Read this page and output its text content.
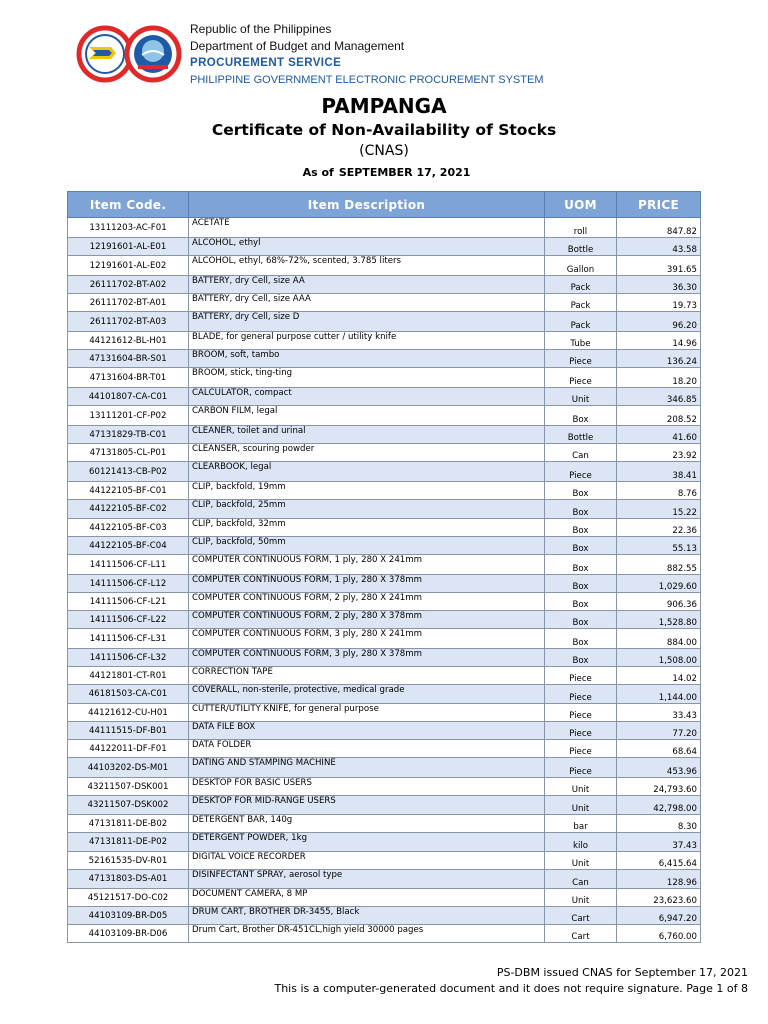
Republic of the Philippines
Department of Budget and Management
PROCUREMENT SERVICE
PHILIPPINE GOVERNMENT ELECTRONIC PROCUREMENT SYSTEM
PAMPANGA
Certificate of Non-Availability of Stocks
(CNAS)
As of SEPTEMBER 17, 2021
Item Code.	Item Description	UOM	PRICE
13111203-AC-F01	ACETATE	roll	847.82
12191601-AL-E01	ALCOHOL, ethyl	Bottle	43.58
12191601-AL-E02	ALCOHOL, ethyl, 68%-72%, scented, 3.785 liters	Gallon	391.65
26111702-BT-A02	BATTERY, dry Cell, size AA	Pack	36.30
26111702-BT-A01	BATTERY, dry Cell, size AAA	Pack	19.73
26111702-BT-A03	BATTERY, dry Cell, size D	Pack	96.20
44121612-BL-H01	BLADE, for general purpose cutter / utility knife	Tube	14.96
47131604-BR-S01	BROOM, soft, tambo	Piece	136.24
47131604-BR-T01	BROOM, stick, ting-ting	Piece	18.20
44101807-CA-C01	CALCULATOR, compact	Unit	346.85
13111201-CF-P02	CARBON FILM, legal	Box	208.52
47131829-TB-C01	CLEANER, toilet and urinal	Bottle	41.60
47131805-CL-P01	CLEANSER, scouring powder	Can	23.92
60121413-CB-P02	CLEARBOOK, legal	Piece	38.41
44122105-BF-C01	CLIP, backfold, 19mm	Box	8.76
44122105-BF-C02	CLIP, backfold, 25mm	Box	15.22
44122105-BF-C03	CLIP, backfold, 32mm	Box	22.36
44122105-BF-C04	CLIP, backfold, 50mm	Box	55.13
14111506-CF-L11	COMPUTER CONTINUOUS FORM, 1 ply, 280 X 241mm	Box	882.55
14111506-CF-L12	COMPUTER CONTINUOUS FORM, 1 ply, 280 X 378mm	Box	1,029.60
14111506-CF-L21	COMPUTER CONTINUOUS FORM, 2 ply, 280 X 241mm	Box	906.36
14111506-CF-L22	COMPUTER CONTINUOUS FORM, 2 ply, 280 X 378mm	Box	1,528.80
14111506-CF-L31	COMPUTER CONTINUOUS FORM, 3 ply, 280 X 241mm	Box	884.00
14111506-CF-L32	COMPUTER CONTINUOUS FORM, 3 ply, 280 X 378mm	Box	1,508.00
44121801-CT-R01	CORRECTION TAPE	Piece	14.02
46181503-CA-C01	COVERALL, non-sterile, protective, medical grade	Piece	1,144.00
44121612-CU-H01	CUTTER/UTILITY KNIFE, for general purpose	Piece	33.43
44111515-DF-B01	DATA FILE BOX	Piece	77.20
44122011-DF-F01	DATA FOLDER	Piece	68.64
44103202-DS-M01	DATING AND STAMPING MACHINE	Piece	453.96
43211507-DSK001	DESKTOP FOR BASIC USERS	Unit	24,793.60
43211507-DSK002	DESKTOP FOR MID-RANGE USERS	Unit	42,798.00
47131811-DE-B02	DETERGENT BAR, 140g	bar	8.30
47131811-DE-P02	DETERGENT POWDER, 1kg	kilo	37.43
52161535-DV-R01	DIGITAL VOICE RECORDER	Unit	6,415.64
47131803-DS-A01	DISINFECTANT SPRAY, aerosol type	Can	128.96
45121517-DO-C02	DOCUMENT CAMERA, 8 MP	Unit	23,623.60
44103109-BR-D05	DRUM CART, BROTHER DR-3455, Black	Cart	6,947.20
44103109-BR-D06	Drum Cart, Brother DR-451CL,high yield 30000 pages	Cart	6,760.00
PS-DBM issued CNAS for September 17, 2021
This is a computer-generated document and it does not require signature. Page 1 of 8
